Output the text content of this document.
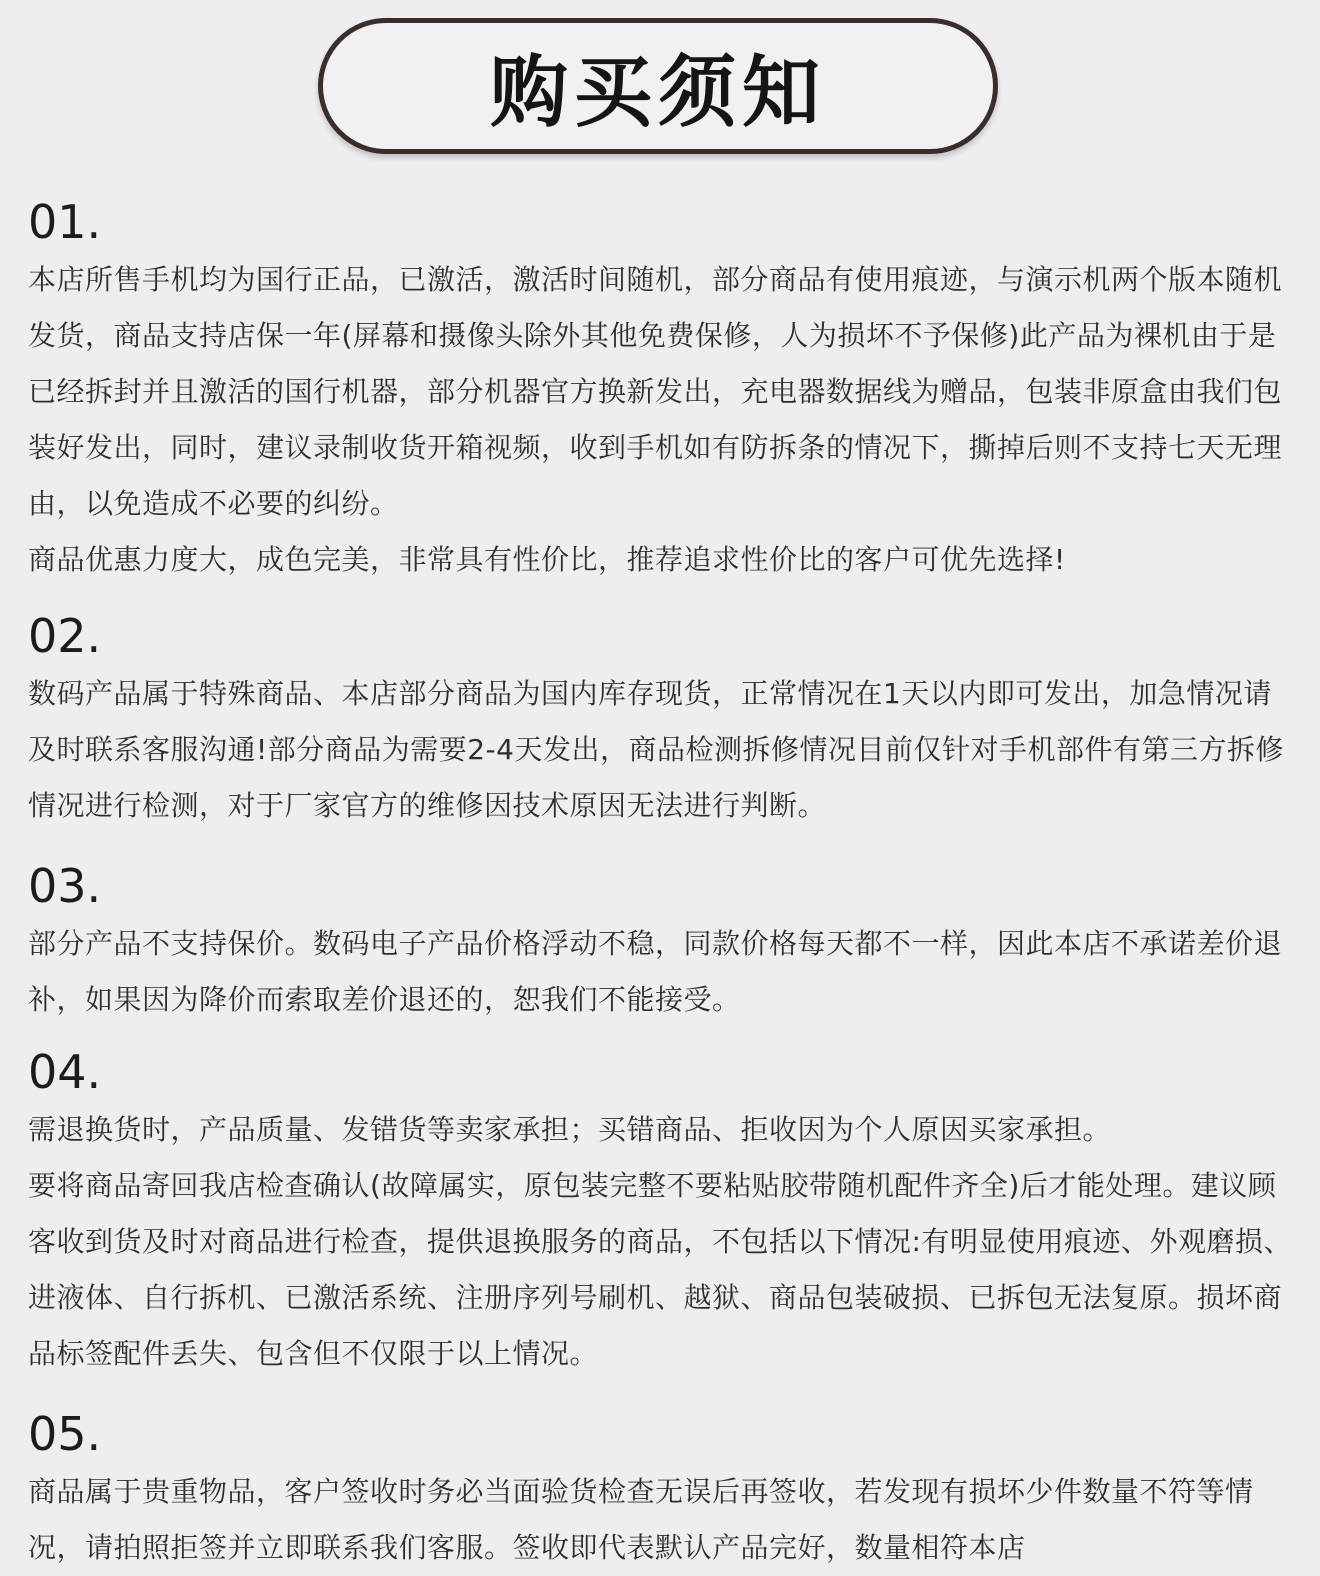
购买须知

01.

本店所售手机均为国行正品，已激活，激活时间随机，部分商品有使用痕迹，与演示机两个版本随机发货，商品支持店保一年(屏幕和摄像头除外其他免费保修，人为损坏不予保修)此产品为裸机由于是已经拆封并且激活的国行机器，部分机器官方换新发出，充电器数据线为赠品，包装非原盒由我们包装好发出，同时，建议录制收货开箱视频，收到手机如有防拆条的情况下，撕掉后则不支持七天无理由，以免造成不必要的纠纷。

商品优惠力度大，成色完美，非常具有性价比，推荐追求性价比的客户可优先选择!

02.

数码产品属于特殊商品、本店部分商品为国内库存现货，正常情况在1天以内即可发出，加急情况请及时联系客服沟通!部分商品为需要2-4天发出，商品检测拆修情况目前仅针对手机部件有第三方拆修情况进行检测，对于厂家官方的维修因技术原因无法进行判断。

03.

部分产品不支持保价。数码电子产品价格浮动不稳，同款价格每天都不一样，因此本店不承诺差价退补，如果因为降价而索取差价退还的，恕我们不能接受。

04.

需退换货时，产品质量、发错货等卖家承担；买错商品、拒收因为个人原因买家承担。

要将商品寄回我店检查确认(故障属实，原包装完整不要粘贴胶带随机配件齐全)后才能处理。建议顾客收到货及时对商品进行检查，提供退换服务的商品，不包括以下情况:有明显使用痕迹、外观磨损、进液体、自行拆机、已激活系统、注册序列号刷机、越狱、商品包装破损、已拆包无法复原。损坏商品标签配件丢失、包含但不仅限于以上情况。

05.

商品属于贵重物品，客户签收时务必当面验货检查无误后再签收，若发现有损坏少件数量不符等情况，请拍照拒签并立即联系我们客服。签收即代表默认产品完好，数量相符本店
